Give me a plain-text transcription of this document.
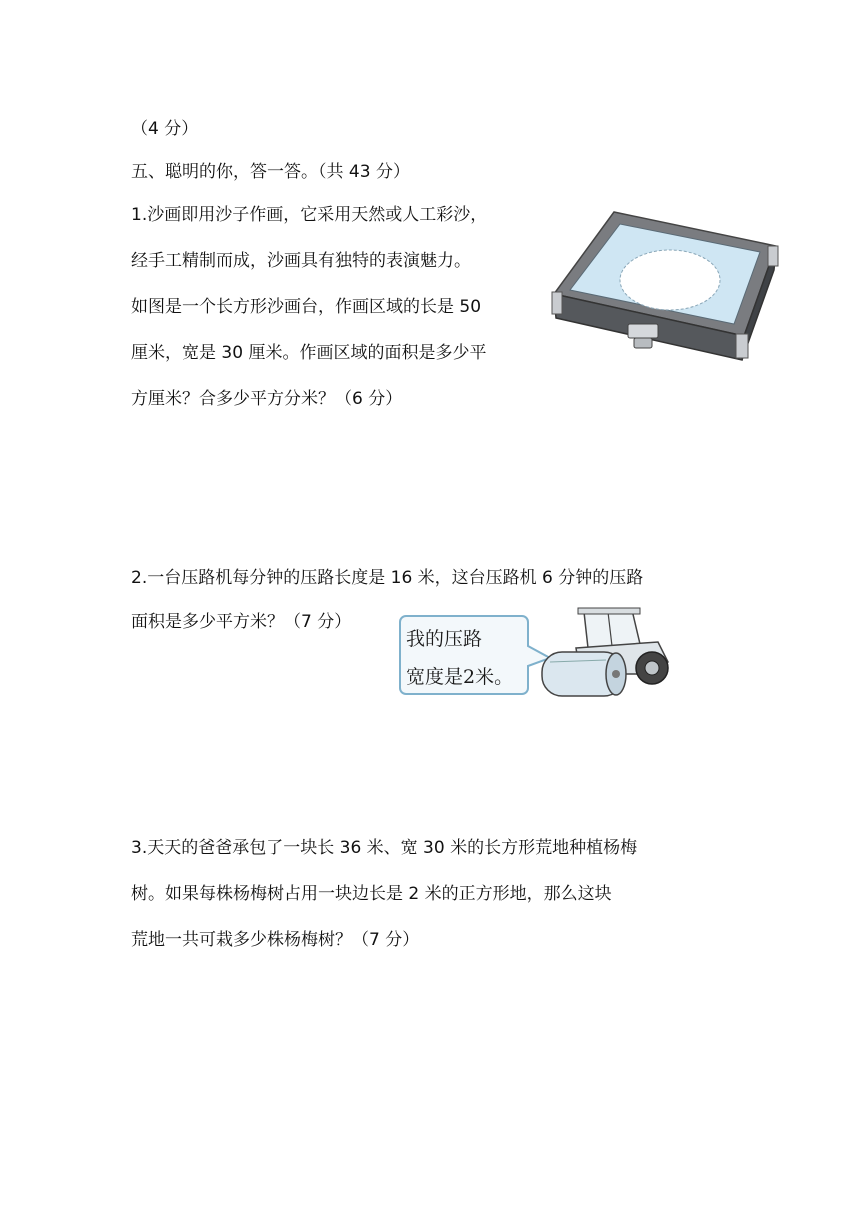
（4 分）
五、聪明的你，答一答。（共 43 分）
1.沙画即用沙子作画，它采用天然或人工彩沙，
经手工精制而成，沙画具有独特的表演魅力。
如图是一个长方形沙画台，作画区域的长是 50
厘米，宽是 30 厘米。作画区域的面积是多少平
方厘米？合多少平方分米？（6 分）
2.一台压路机每分钟的压路长度是 16 米，这台压路机 6 分钟的压路
面积是多少平方米？（7 分）
我的压路
宽度是2米。
3.天天的爸爸承包了一块长 36 米、宽 30 米的长方形荒地种植杨梅
树。如果每株杨梅树占用一块边长是 2 米的正方形地，那么这块
荒地一共可栽多少株杨梅树？（7 分）
